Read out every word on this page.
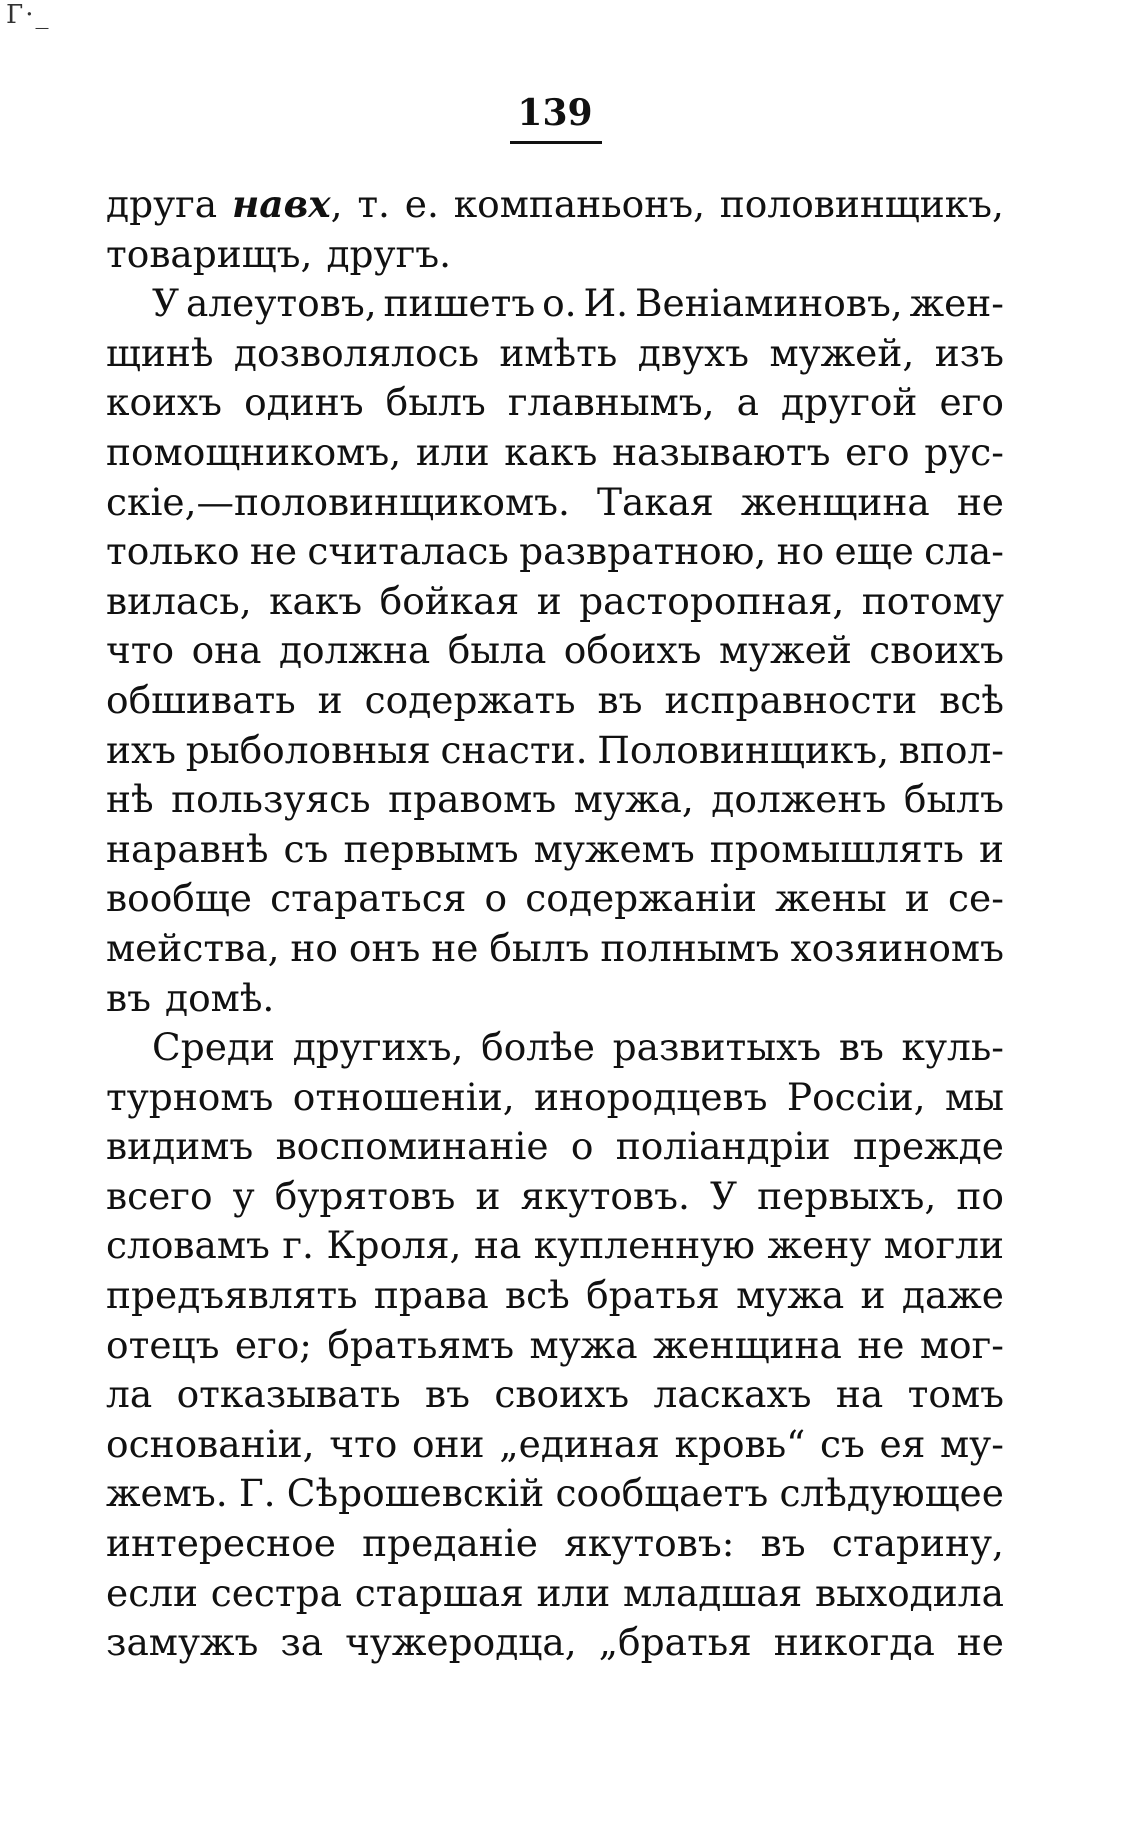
Г·_
139
друга навх, т. е. компаньонъ, половинщикъ,
товарищъ, другъ.
У алеутовъ, пишетъ о. И. Веніаминовъ, жен-
щинѣ дозволялось имѣть двухъ мужей, изъ
коихъ одинъ былъ главнымъ, а другой его
помощникомъ, или какъ называютъ его рус-
скіе,—половинщикомъ. Такая женщина не
только не считалась развратною, но еще сла-
вилась, какъ бойкая и расторопная, потому
что она должна была обоихъ мужей своихъ
обшивать и содержать въ исправности всѣ
ихъ рыболовныя снасти. Половинщикъ, впол-
нѣ пользуясь правомъ мужа, долженъ былъ
наравнѣ съ первымъ мужемъ промышлять и
вообще стараться о содержаніи жены и се-
мейства, но онъ не былъ полнымъ хозяиномъ
въ домѣ.
Среди другихъ, болѣе развитыхъ въ куль-
турномъ отношеніи, инородцевъ Россіи, мы
видимъ воспоминаніе о поліандріи прежде
всего у бурятовъ и якутовъ. У первыхъ, по
словамъ г. Кроля, на купленную жену могли
предъявлять права всѣ братья мужа и даже
отецъ его; братьямъ мужа женщина не мог-
ла отказывать въ своихъ ласкахъ на томъ
основаніи, что они „единая кровь“ съ ея му-
жемъ. Г. Сѣрошевскій сообщаетъ слѣдующее
интересное преданіе якутовъ: въ старину,
если сестра старшая или младшая выходила
замужъ за чужеродца, „братья никогда не
